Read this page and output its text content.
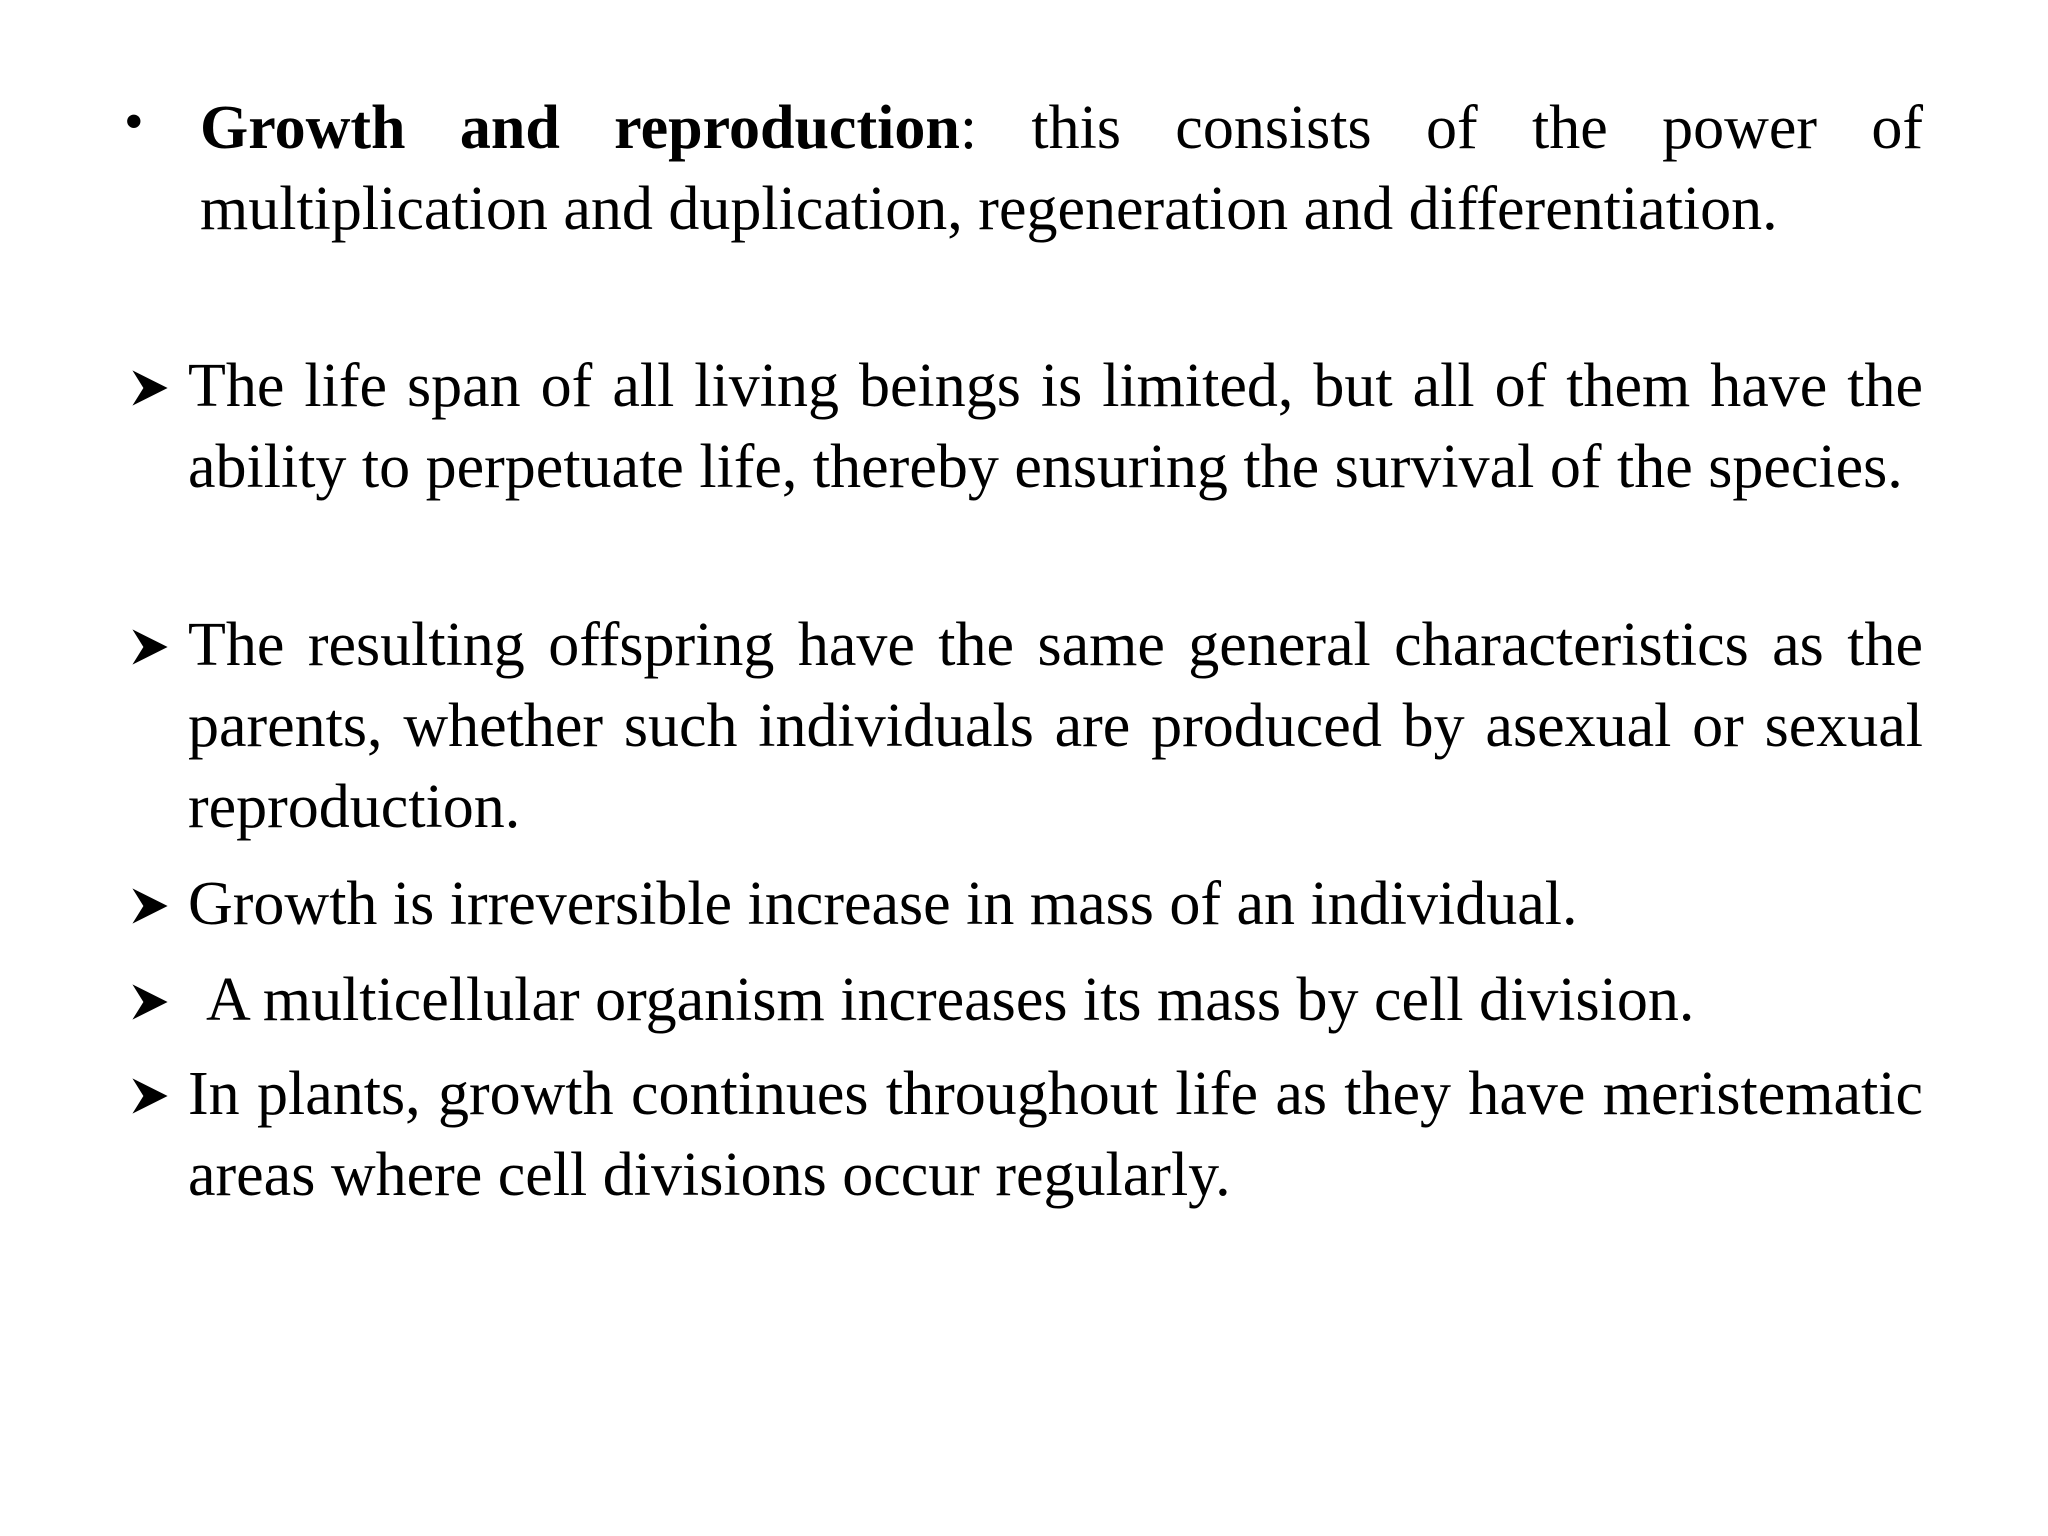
• Growth and reproduction: this consists of the power of multiplication and duplication, regeneration and differentiation.
The life span of all living beings is limited, but all of them have the ability to perpetuate life, thereby ensuring the survival of the species.
The resulting offspring have the same general characteristics as the parents, whether such individuals are produced by asexual or sexual reproduction.
Growth is irreversible increase in mass of an individual.
A multicellular organism increases its mass by cell division.
In plants, growth continues throughout life as they have meristematic areas where cell divisions occur regularly.
